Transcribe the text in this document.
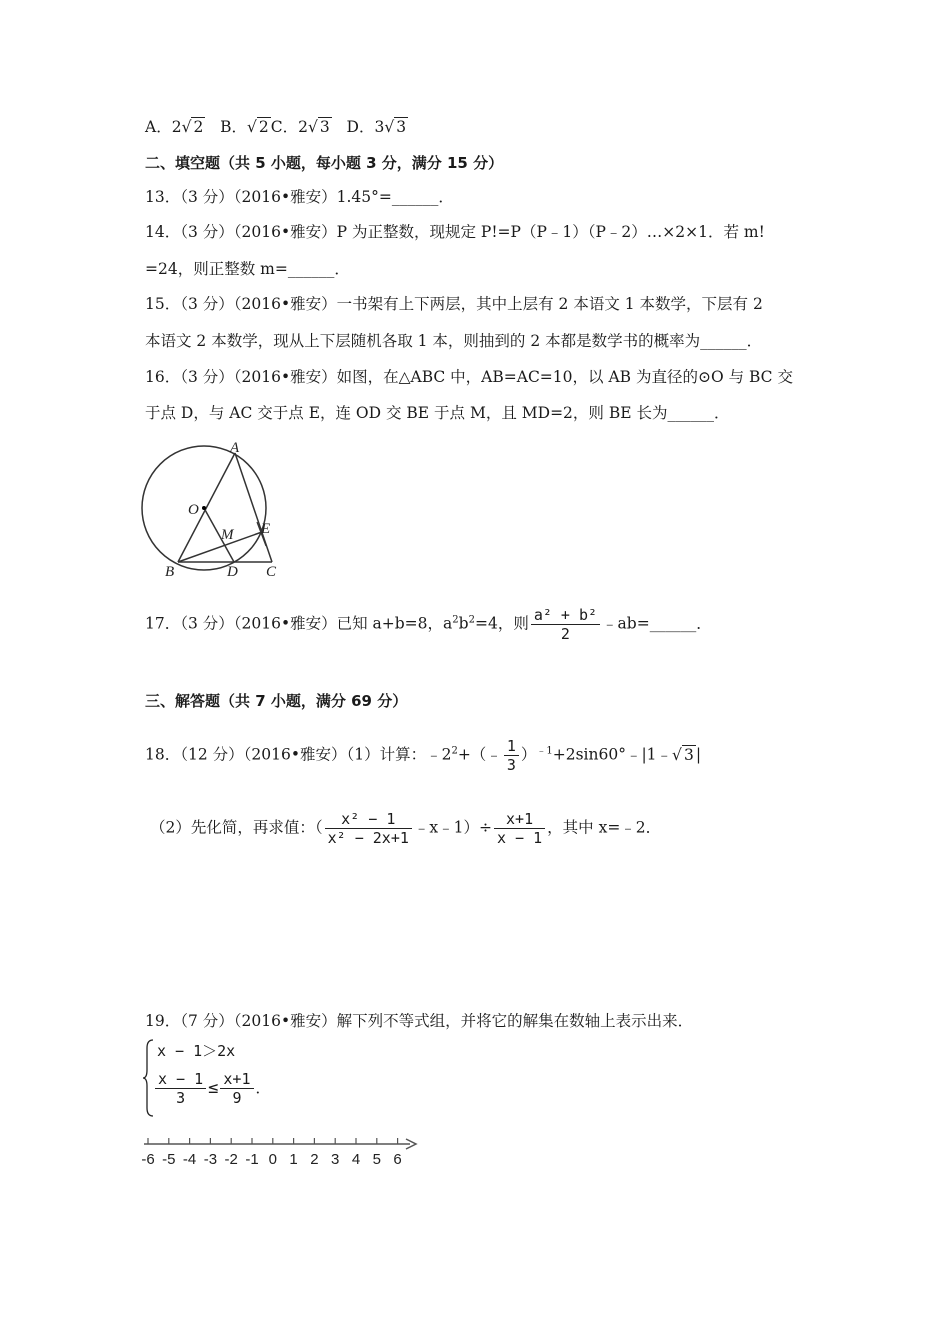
A．2√ 2 B．√ 2 C．2√ 3 D．3√ 3
二、填空题（共 5 小题，每小题 3 分，满分 15 分）
13．（3 分）（2016•雅安）1.45°=______．
14．（3 分）（2016•雅安）P 为正整数，现规定 P!=P（P﹣1）（P﹣2）…×2×1．若 m!
=24，则正整数 m=______．
15．（3 分）（2016•雅安）一书架有上下两层，其中上层有 2 本语文 1 本数学，下层有 2
本语文 2 本数学，现从上下层随机各取 1 本，则抽到的 2 本都是数学书的概率为______．
16．（3 分）（2016•雅安）如图，在△ABC 中，AB=AC=10，以 AB 为直径的⊙O 与 BC 交
于点 D，与 AC 交于点 E，连 OD 交 BE 于点 M，且 MD=2，则 BE 长为______．
A
O
M E
B	D C
17．（3 分）（2016•雅安）已知 a+b=8，$a^2b^2=4$，则 $\frac{\text{a² + b²}}{2}$ ﹣ab=______．
三、解答题（共 7 小题，满分 69 分）
18．（12 分）（2016•雅安）（1）计算：$﹣2^2+(﹣ \frac{1}{3}$ ）$^{﹣1}$+2sin60°﹣|1﹣√ 3 |
（2）先化简，再求值：（ $\frac{\text{x² − 1}}{\text{x² − 2x+1}}$ ﹣x﹣1）÷ $\frac{x+1}{x - 1}$ ，其中 x=﹣2．
19．（7 分）（2016•雅安）解下列不等式组，并将它的解集在数轴上表示出来．
x − 1＞2x
$\frac{x - 1}{3} \le \frac{x+1}{9}$ ．
-6 -5 -4 -3 -2 -1 0 1 2 3 4 5 6
